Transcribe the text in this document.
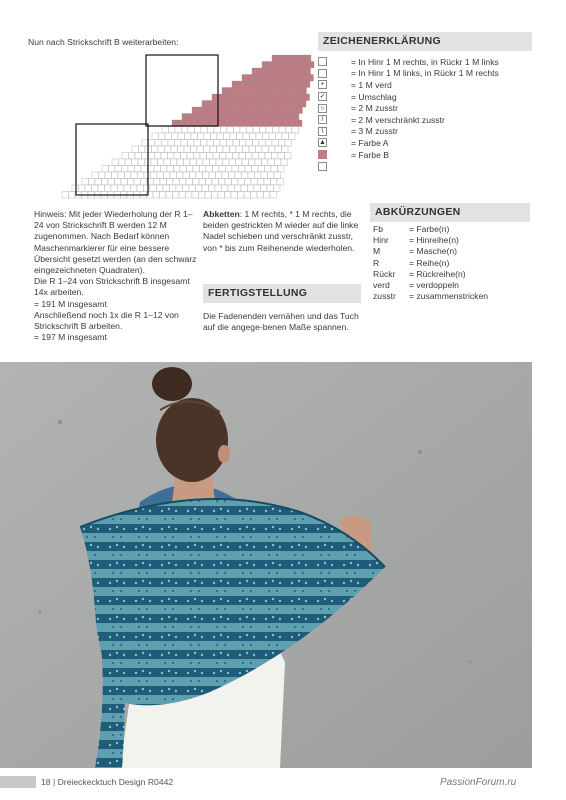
Nun nach Strickschrift B weiterarbeiten:	ZEICHENERKLÄRUNG
= In Hinr 1 M rechts, in Rückr 1 M links
= In Hinr 1 M links, in Rückr 1 M rechts
•	= 1 M verd
✓	= Umschlag
○	= 2 M zusstr
/	= 2 M verschränkt zusstr
\	= 3 M zusstr
▲	= Farbe A
= Farbe B
Hinweis: Mit jeder Wiederholung der R 1–24 von Strickschrift B werden 12 M zugenommen. Nach Bedarf können Maschenmarkierer für eine bessere Übersicht gesetzt werden (an den schwarz eingezeichneten Quadraten).
Die R 1–24 von Strickschrift B insgesamt 14x arbeiten.
= 191 M insgesamt
Anschließend noch 1x die R 1–12 von Strickschrift B arbeiten.
= 197 M insgesamt
Abketten: 1 M rechts, * 1 M rechts, die beiden gestrickten M wieder auf die linke Nadel schieben und verschränkt zusstr, von * bis zum Reihenende wiederholen.
FERTIGSTELLUNG
Die Fadenenden vernähen und das Tuch auf die angege-benen Maße spannen.
ABKÜRZUNGEN
Fb	= Farbe(n)
Hinr	= Hinreihe(n)
M	= Masche(n)
R	= Reihe(n)
Rückr	= Rückreihe(n)
verd	= verdoppeln
zusstr	= zusammenstricken
18 | Dreieckecktuch Design R0442	PassionForum.ru
